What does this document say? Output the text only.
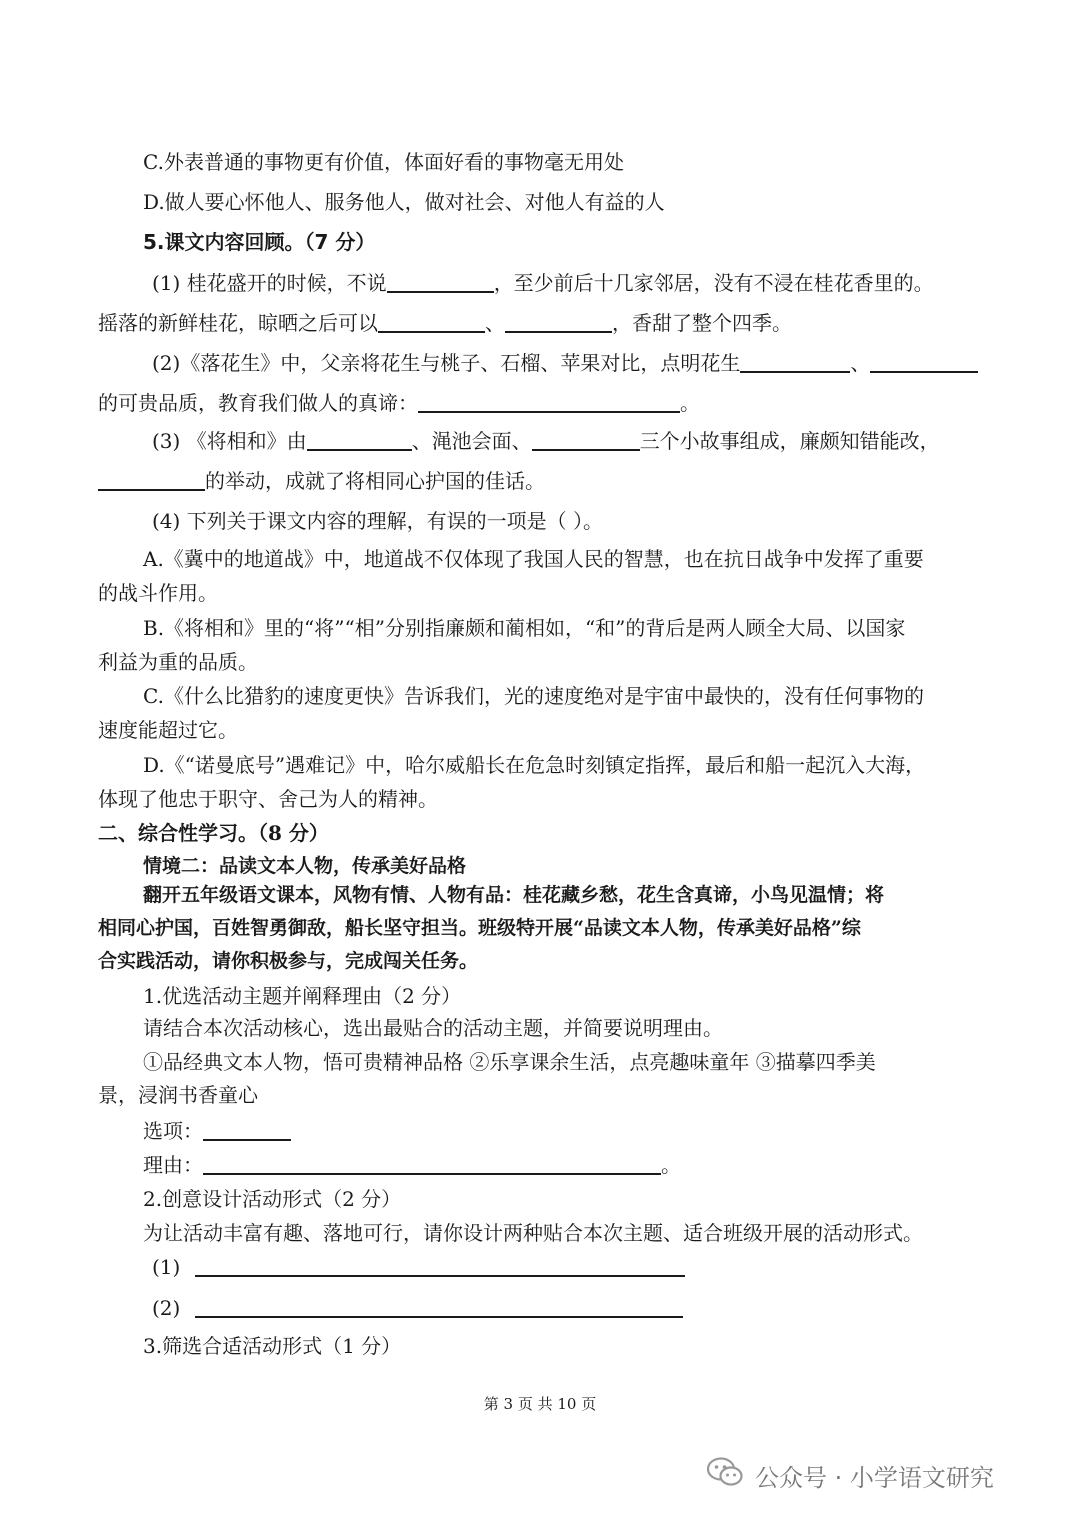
C.外表普通的事物更有价值，体面好看的事物毫无用处
D.做人要心怀他人、服务他人，做对社会、对他人有益的人
5.课文内容回顾。（7 分）
(1) 桂花盛开的时候，不说	，至少前后十几家邻居，没有不浸在桂花香里的。
摇落的新鲜桂花，晾晒之后可以	、	，香甜了整个四季。
(2)《落花生》中，父亲将花生与桃子、石榴、苹果对比，点明花生	、
的可贵品质，教育我们做人的真谛：	。
(3) 《将相和》由	、渑池会面、	三个小故事组成，廉颇知错能改，
的举动，成就了将相同心护国的佳话。
(4) 下列关于课文内容的理解，有误的一项是（ ）。
A.《冀中的地道战》中，地道战不仅体现了我国人民的智慧，也在抗日战争中发挥了重要
的战斗作用。
B.《将相和》里的“将”“相”分别指廉颇和蔺相如，“和”的背后是两人顾全大局、以国家
利益为重的品质。
C.《什么比猎豹的速度更快》告诉我们，光的速度绝对是宇宙中最快的，没有任何事物的
速度能超过它。
D.《“诺曼底号”遇难记》中，哈尔威船长在危急时刻镇定指挥，最后和船一起沉入大海，
体现了他忠于职守、舍己为人的精神。
二、综合性学习。（8 分）
情境二：品读文本人物，传承美好品格
翻开五年级语文课本，风物有情、人物有品：桂花藏乡愁，花生含真谛，小鸟见温情；将
相同心护国，百姓智勇御敌，船长坚守担当。班级特开展“品读文本人物，传承美好品格”综
合实践活动，请你积极参与，完成闯关任务。
1.优选活动主题并阐释理由（2 分）
请结合本次活动核心，选出最贴合的活动主题，并简要说明理由。
①品经典文本人物，悟可贵精神品格 ②乐享课余生活，点亮趣味童年 ③描摹四季美
景，浸润书香童心
选项：
理由：	。
2.创意设计活动形式（2 分）
为让活动丰富有趣、落地可行，请你设计两种贴合本次主题、适合班级开展的活动形式。
(1)
(2)
3.筛选合适活动形式（1 分）
第 3 页 共 10 页
公众号 · 小学语文研究
